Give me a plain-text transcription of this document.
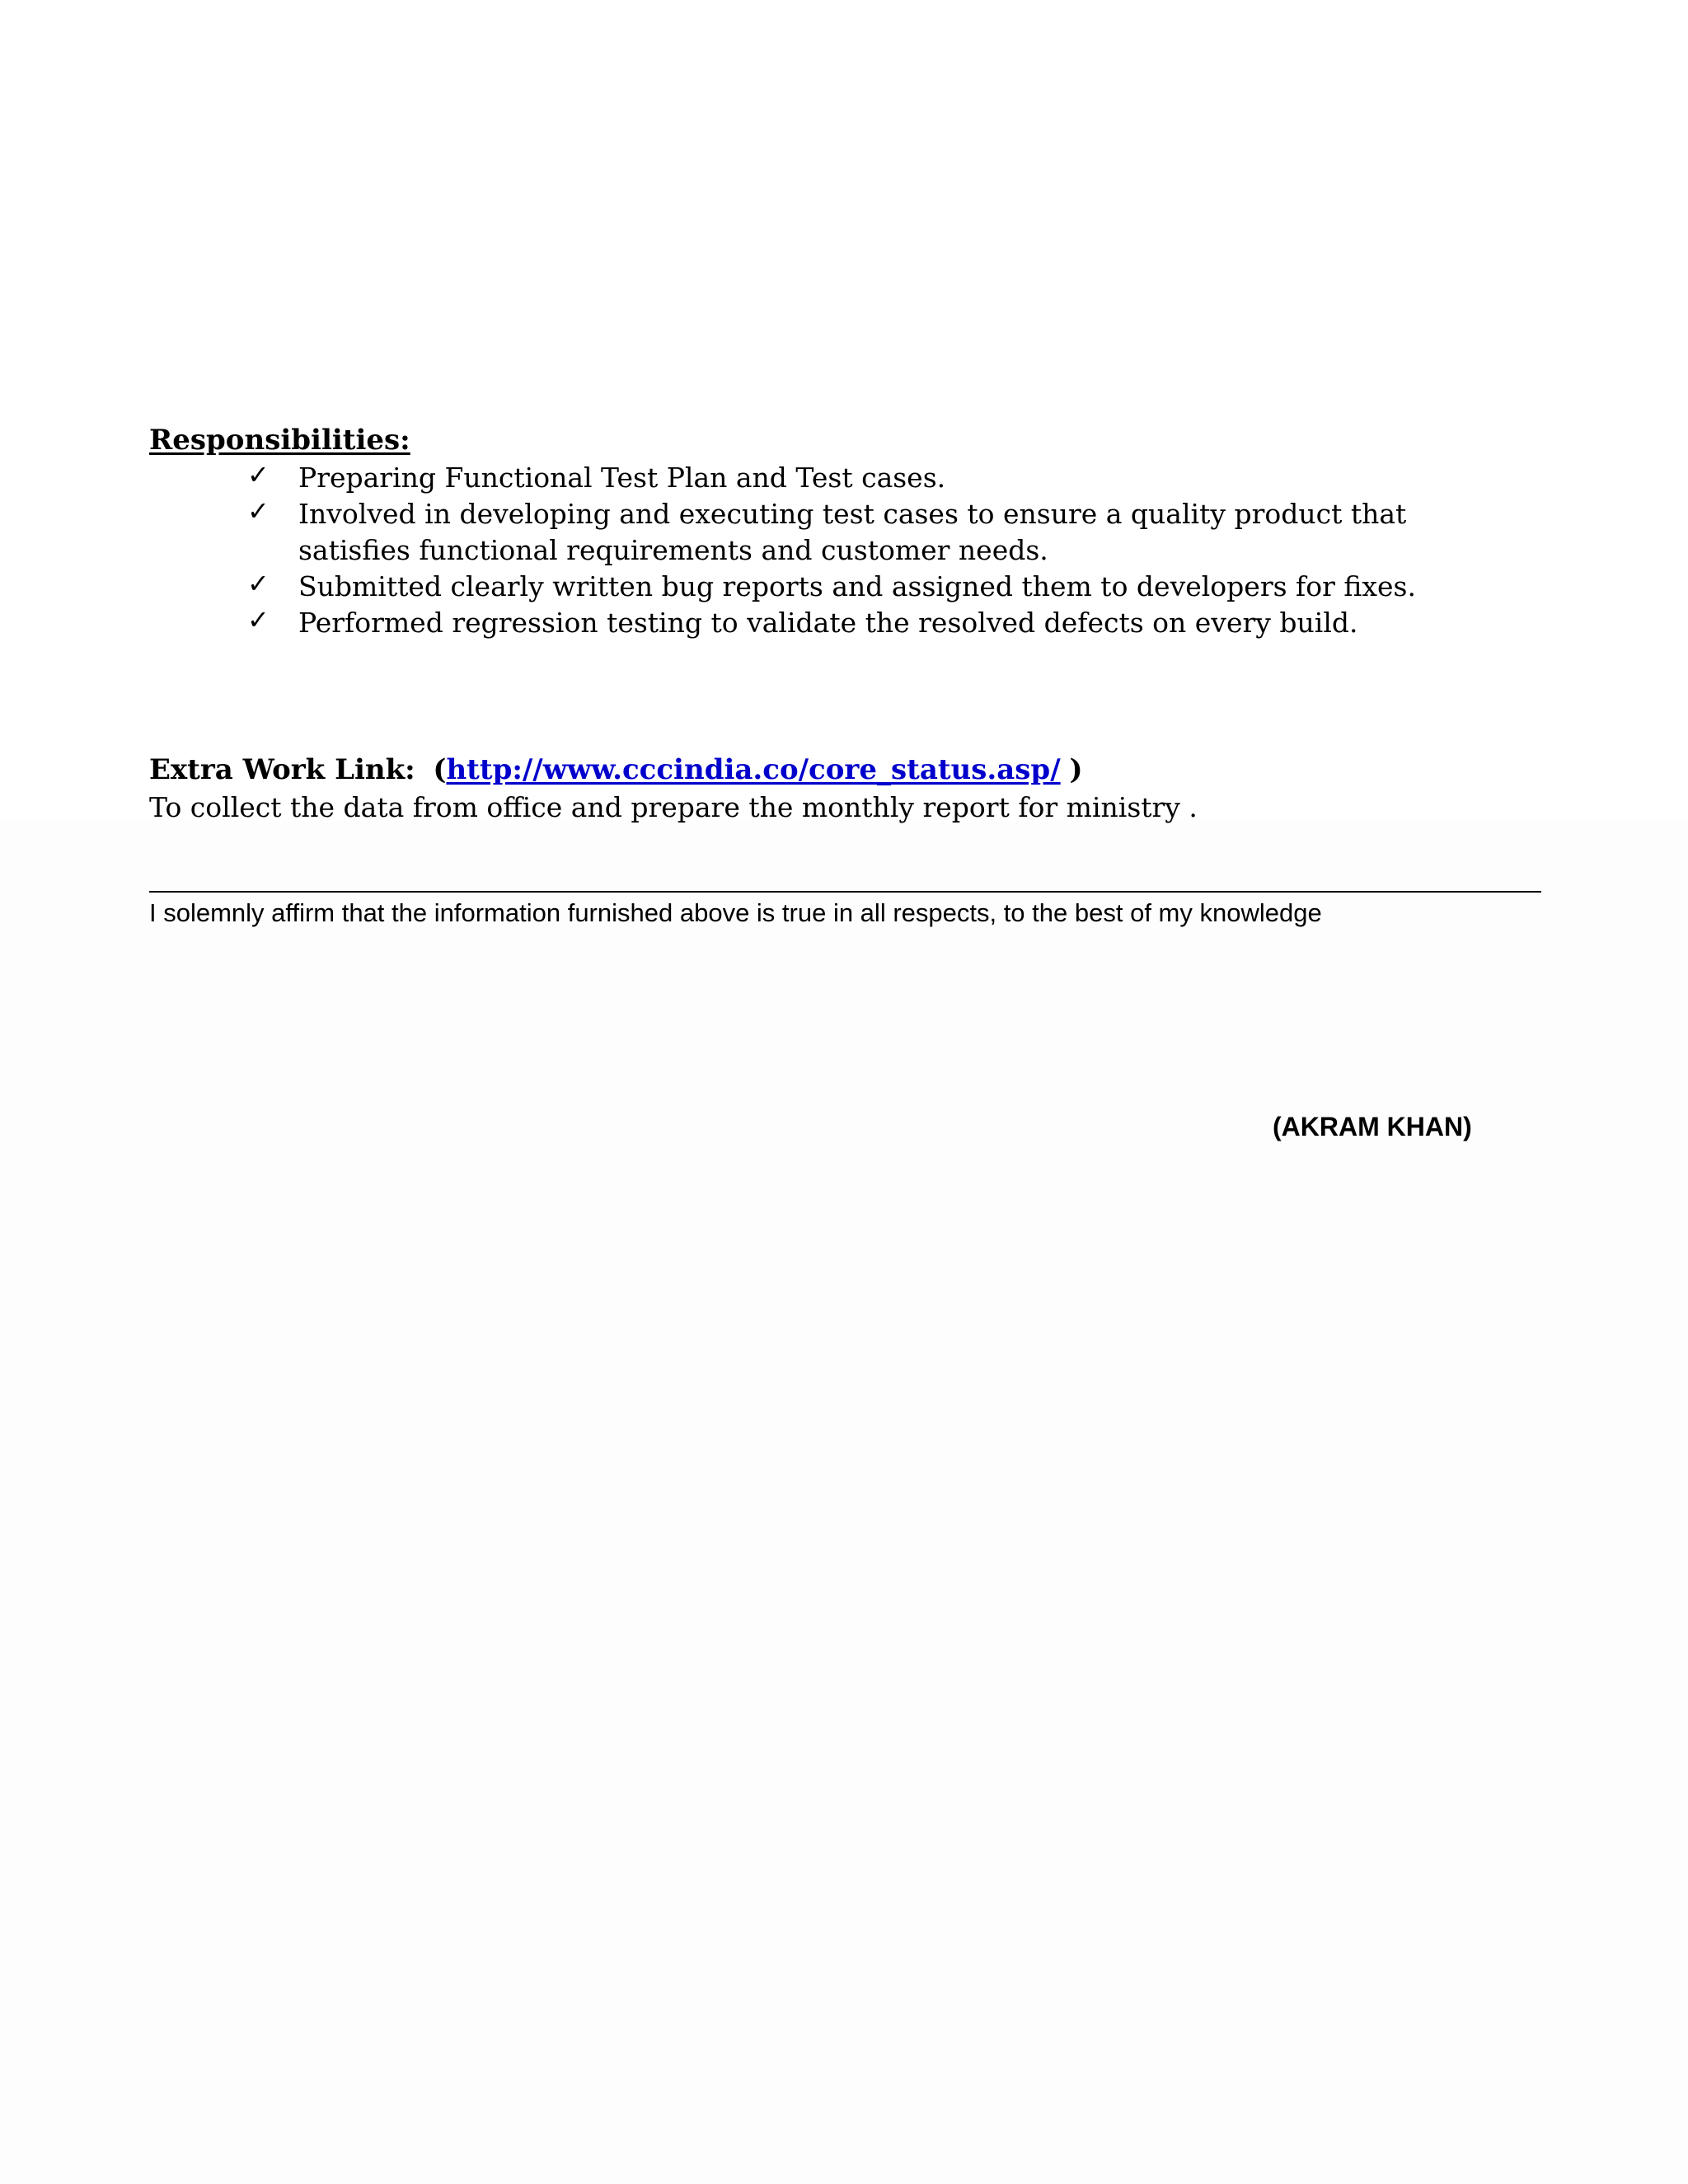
Responsibilities:
✓ Preparing Functional Test Plan and Test cases.
✓ Involved in developing and executing test cases to ensure a quality product that satisfies functional requirements and customer needs.
✓ Submitted clearly written bug reports and assigned them to developers for fixes.
✓ Performed regression testing to validate the resolved defects on every build.
Extra Work Link: (http://www.cccindia.co/core_status.asp/ )
To collect the data from office and prepare the monthly report for ministry .
I solemnly affirm that the information furnished above is true in all respects, to the best of my knowledge
(AKRAM KHAN)
